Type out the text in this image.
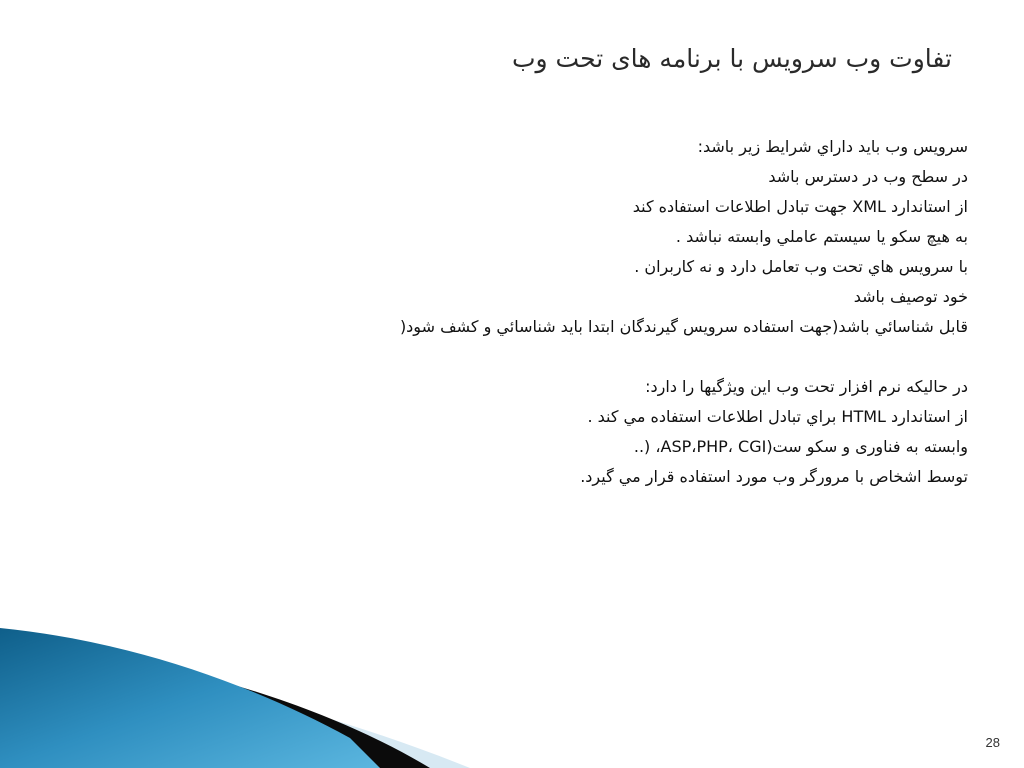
تفاوت وب سرويس با برنامه های تحت وب
سرويس وب بايد داراي شرايط زير باشد:
در سطح وب در دسترس باشد
از استاندارد XML جهت تبادل اطلاعات استفاده كند
به هيچ سكو يا سيستم عاملي وابسته نباشد .
با سرويس هاي تحت وب تعامل دارد و نه كاربران .
خود توصيف باشد
قابل شناسائي باشد(جهت استفاده سرويس گيرندگان ابتدا بايد شناسائي و كشف شود(
در حاليكه نرم افزار تحت وب اين ويژگيها را دارد:
از استاندارد HTML براي تبادل اطلاعات استفاده مي كند .
وابسته به فناوری و سكو ست(ASP،PHP، CGI، (..
توسط اشخاص با مرورگر وب مورد استفاده قرار مي گيرد.
28
